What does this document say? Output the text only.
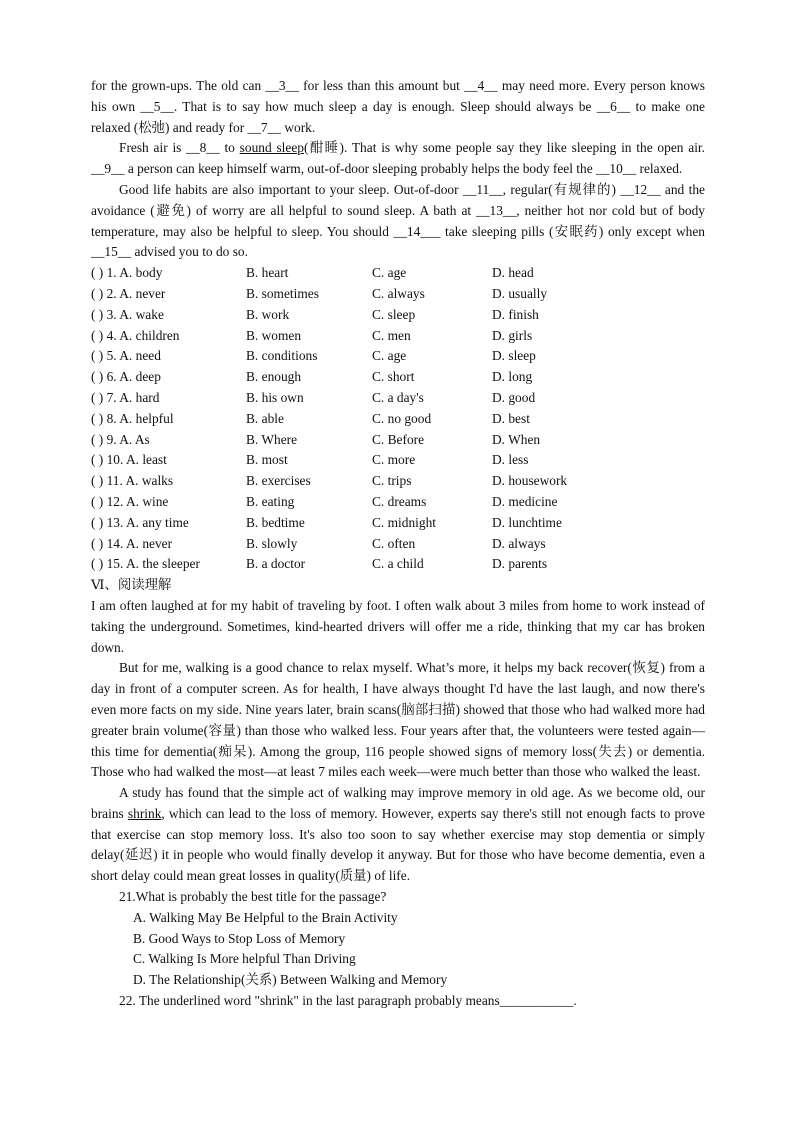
for the grown-ups. The old can __3__ for less than this amount but __4__ may need more. Every person knows his own __5__. That is to say how much sleep a day is enough. Sleep should always be __6__ to make one relaxed (松弛) and ready for __7__ work.

Fresh air is __8__ to sound sleep(酣睡). That is why some people say they like sleeping in the open air. __9__ a person can keep himself warm, out-of-door sleeping probably helps the body feel the __10__ relaxed.

Good life habits are also important to your sleep. Out-of-door __11__, regular(有规律的) __12__ and the avoidance (避免) of worry are all helpful to sound sleep. A bath at __13__, neither hot nor cold but of body temperature, may also be helpful to sleep. You should __14___ take sleeping pills (安眠药) only except when __15__ advised you to do so.

( ) 1. A. body	B. heart	C. age	D. head
( ) 2. A. never	B. sometimes	C. always	D. usually
( ) 3. A. wake	B. work	C. sleep	D. finish
( ) 4. A. children	B. women	C. men	D. girls
( ) 5. A. need	B. conditions	C. age	D. sleep
( ) 6. A. deep	B. enough	C. short	D. long
( ) 7. A. hard	B. his own	C. a day's	D. good
( ) 8. A. helpful	B. able	C. no good	D. best
( ) 9. A. As	B. Where	C. Before	D. When
( ) 10. A. least	B. most	C. more	D. less
( ) 11. A. walks	B. exercises	C. trips	D. housework
( ) 12. A. wine	B. eating	C. dreams	D. medicine
( ) 13. A. any time	B. bedtime	C. midnight	D. lunchtime
( ) 14. A. never	B. slowly	C. often	D. always
( ) 15. A. the sleeper	B. a doctor	C. a child	D. parents

Ⅵ、阅读理解

I am often laughed at for my habit of traveling by foot. I often walk about 3 miles from home to work instead of taking the underground. Sometimes, kind-hearted drivers will offer me a ride, thinking that my car has broken down.

But for me, walking is a good chance to relax myself. What’s more, it helps my back recover(恢复) from a day in front of a computer screen. As for health, I have always thought I'd have the last laugh, and now there's even more facts on my side. Nine years later, brain scans(脑部扫描) showed that those who had walked more had greater brain volume(容量) than those who walked less. Four years after that, the volunteers were tested again—this time for dementia(痴呆). Among the group, 116 people showed signs of memory loss(失去) or dementia. Those who had walked the most—at least 7 miles each week—were much better than those who walked the least.

A study has found that the simple act of walking may improve memory in old age. As we become old, our brains shrink, which can lead to the loss of memory. However, experts say there's still not enough facts to prove that exercise can stop memory loss. It's also too soon to say whether exercise may stop dementia or simply delay(延迟) it in people who would finally develop it anyway. But for those who have become dementia, even a short delay could mean great losses in quality(质量) of life.

21.What is probably the best title for the passage?

A. Walking May Be Helpful to the Brain Activity

B. Good Ways to Stop Loss of Memory

C. Walking Is More helpful Than Driving

D. The Relationship(关系) Between Walking and Memory

22. The underlined word "shrink" in the last paragraph probably means___________.
